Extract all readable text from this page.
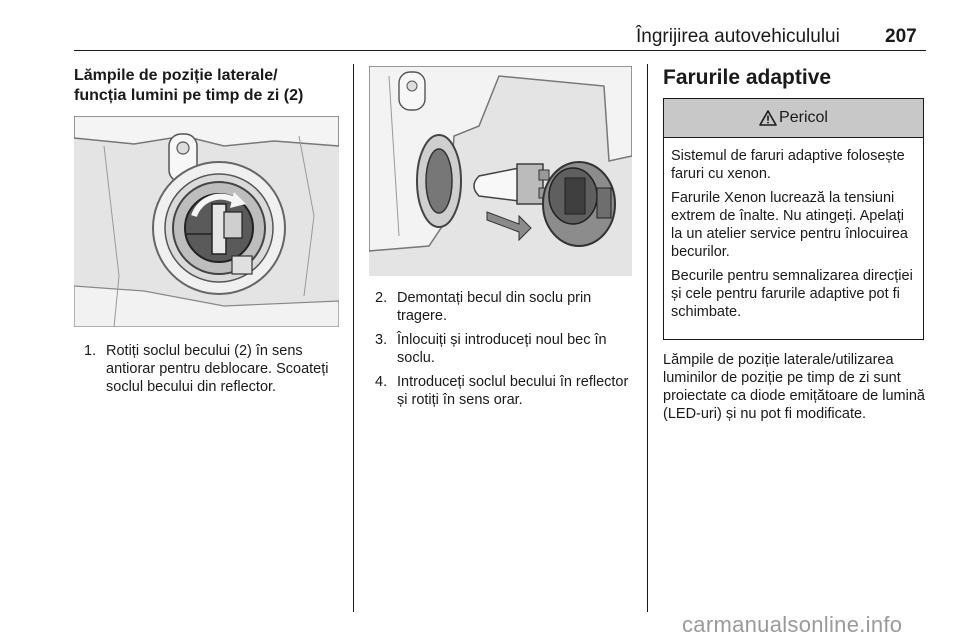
Îngrijirea autovehiculului 207
Lămpile de poziție laterale/
funcția lumini pe timp de zi (2)
1. Rotiți soclul becului (2) în sens antiorar pentru deblocare. Scoateți soclul becului din reflector.
2. Demontați becul din soclu prin tragere.
3. Înlocuiți și introduceți noul bec în soclu.
4. Introduceți soclul becului în reflector și rotiți în sens orar.
Farurile adaptive
Pericol

Sistemul de faruri adaptive folosește faruri cu xenon.

Farurile Xenon lucrează la tensiuni extrem de înalte. Nu atingeți. Apelați la un atelier service pentru înlocuirea becurilor.

Becurile pentru semnalizarea direcției și cele pentru farurile adaptive pot fi schimbate.

Lămpile de poziție laterale/utilizarea luminilor de poziție pe timp de zi sunt proiectate ca diode emițătoare de lumină (LED-uri) și nu pot fi modificate.

carmanualsonline.info
